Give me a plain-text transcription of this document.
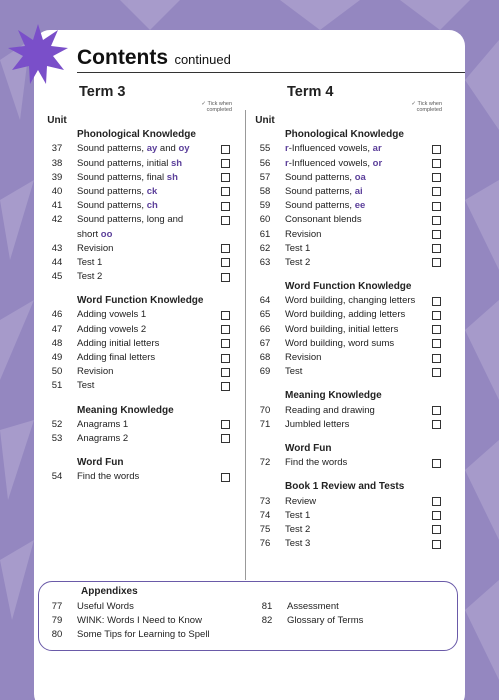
Contents continued
Term 3	Term 4
✓ Tick when completed
✓ Tick when completed
Unit
Phonological Knowledge
37	Sound patterns, ay and oy
38	Sound patterns, initial sh
39	Sound patterns, final sh
40	Sound patterns, ck
41	Sound patterns, ch
42	Sound patterns, long and
short oo
43	Revision
44	Test 1
45	Test 2
Word Function Knowledge
46	Adding vowels 1
47	Adding vowels 2
48	Adding initial letters
49	Adding final letters
50	Revision
51	Test
Meaning Knowledge
52	Anagrams 1
53	Anagrams 2
Word Fun
54	Find the words
Unit
Phonological Knowledge
55	r-Influenced vowels, ar
56	r-Influenced vowels, or
57	Sound patterns, oa
58	Sound patterns, ai
59	Sound patterns, ee
60	Consonant blends
61	Revision
62	Test 1
63	Test 2
Word Function Knowledge
64	Word building, changing letters
65	Word building, adding letters
66	Word building, initial letters
67	Word building, word sums
68	Revision
69	Test
Meaning Knowledge
70	Reading and drawing
71	Jumbled letters
Word Fun
72	Find the words
Book 1 Review and Tests
73	Review
74	Test 1
75	Test 2
76	Test 3
Appendixes
77 Useful Words
79 WINK: Words I Need to Know
80 Some Tips for Learning to Spell
81 Assessment
82 Glossary of Terms
